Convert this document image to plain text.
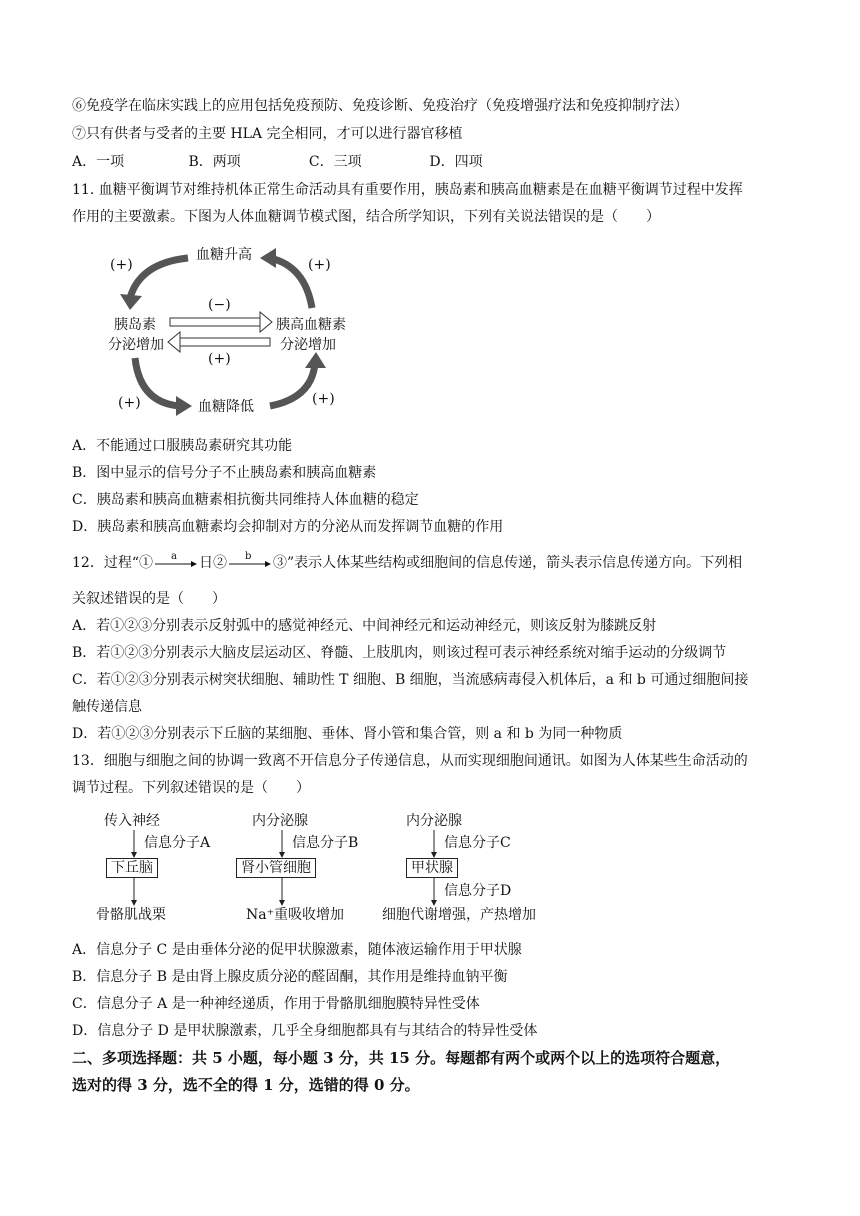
⑥免疫学在临床实践上的应用包括免疫预防、免疫诊断、免疫治疗（免疫增强疗法和免疫抑制疗法）
⑦只有供者与受者的主要 HLA 完全相同，才可以进行器官移植
A．一项	B．两项	C．三项	D．四项
11. 血糖平衡调节对维持机体正常生命活动具有重要作用，胰岛素和胰高血糖素是在血糖平衡调节过程中发挥
作用的主要激素。下图为人体血糖调节模式图，结合所学知识，下列有关说法错误的是（　　）
血糖升高
血糖降低
胰岛素
分泌增加
胰高血糖素
分泌增加
(+)	(+)
(−)
(+)
(+)	(+)
A．不能通过口服胰岛素研究其功能
B．图中显示的信号分子不止胰岛素和胰高血糖素
C．胰岛素和胰高血糖素相抗衡共同维持人体血糖的稳定
D．胰岛素和胰高血糖素均会抑制对方的分泌从而发挥调节血糖的作用
12．过程“① a 日② b ③”表示人体某些结构或细胞间的信息传递，箭头表示信息传递方向。下列相
关叙述错误的是（　　）
A．若①②③分别表示反射弧中的感觉神经元、中间神经元和运动神经元，则该反射为膝跳反射
B．若①②③分别表示大脑皮层运动区、脊髓、上肢肌肉，则该过程可表示神经系统对缩手运动的分级调节
C．若①②③分别表示树突状细胞、辅助性 T 细胞、B 细胞，当流感病毒侵入机体后，a 和 b 可通过细胞间接
触传递信息
D．若①②③分别表示下丘脑的某细胞、垂体、肾小管和集合管，则 a 和 b 为同一种物质
13．细胞与细胞之间的协调一致离不开信息分子传递信息，从而实现细胞间通讯。如图为人体某些生命活动的
调节过程。下列叙述错误的是（　　）
传入神经
信息分子A
下丘脑
骨骼肌战栗
内分泌腺
信息分子B
肾小管细胞
Na⁺重吸收增加
内分泌腺
信息分子C
甲状腺
信息分子D
细胞代谢增强，产热增加
A．信息分子 C 是由垂体分泌的促甲状腺激素，随体液运输作用于甲状腺
B．信息分子 B 是由肾上腺皮质分泌的醛固酮，其作用是维持血钠平衡
C．信息分子 A 是一种神经递质，作用于骨骼肌细胞膜特异性受体
D．信息分子 D 是甲状腺激素，几乎全身细胞都具有与其结合的特异性受体
二、多项选择题：共 5 小题，每小题 3 分，共 15 分。每题都有两个或两个以上的选项符合题意，
选对的得 3 分，选不全的得 1 分，选错的得 0 分。
